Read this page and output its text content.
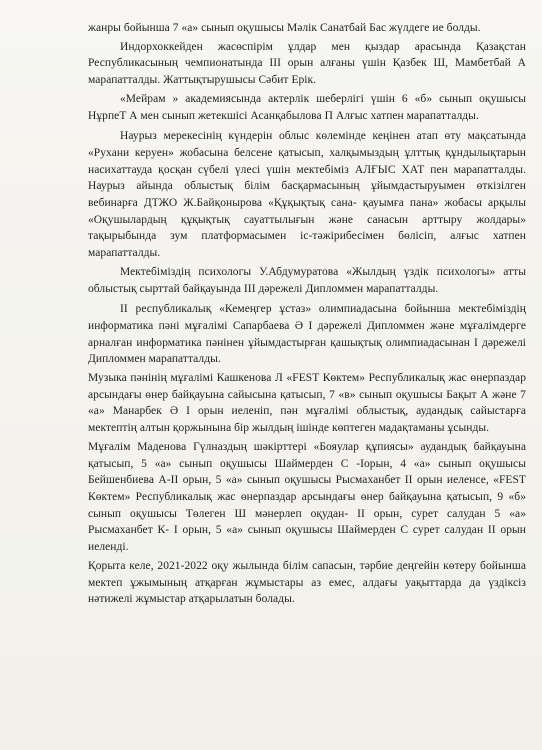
жанры бойынша 7 «а» сынып оқушысы Мәлік Санатбай Бас жүлдеге ие болды.

Индорхоккейден жасөспірім ұлдар мен қыздар арасында Қазақстан Республикасының чемпионатында ІІІ орын алғаны үшін Қазбек Ш, Мамбетбай А марапатталды. Жаттықтырушысы Сәбит Ерік.

«Мейрам » академиясында актерлік шеберлігі үшін 6 «б» сынып оқушысы НұрпеT А мен сынып жетекшісі Асанқабылова П Алғыс хатпен марапатталды.

Наурыз мерекесінің күндерін облыс көлемінде кеңінен атап өту мақсатында «Рухани керуен» жобасына белсене қатысып, халқымыздың ұлттық құндылықтарын насихаттауда қосқан сүбелі үлесі үшін мектебіміз АЛҒЫС ХАТ пен марапатталды. Наурыз айында облыстық білім басқармасының ұйымдастыруымен өткізілген вебинарға ДТЖО Ж.Байқонырова «Құқықтық сана- қауымға пана» жобасы арқылы «Оқушылардың құқықтық сауаттылығын және санасын арттыру жолдары» тақырыбында зум платформасымен іс-тәжірибесімен бөлісіп, алғыс хатпен марапатталды.

Мектебіміздің психологы У.Абдумуратова «Жылдың үздік психологы» атты облыстық сырттай байқауында ІІІ дәрежелі Дипломмен марапатталды.

ІІ республикалық «Кемеңгер ұстаз» олимпиадасына бойынша мектебіміздің информатика пәні мұғалімі Сапарбаева Ә І дәрежелі Дипломмен және мұғалімдерге арналған информатика пәнінен ұйымдастырған қашықтық олимпиадасынан І дәрежелі Дипломмен марапатталды.

Музыка пәнінің мұғалімі Кашкенова Л «FEST Көктем» Республикалық жас өнерпаздар арсындағы өнер байқауына сайысына қатысып, 7 «в» сынып оқушысы Бақыт А және 7 «а» Манарбек Ә І орын иеленіп, пән мұғалімі облыстық, аудандық сайыстарға мектептің алтын қоржынына бір жылдың ішінде көптеген мадақтаманы ұсынды.

Мұғалім Маденова Гүлназдың шәкірттері «Бояулар құпиясы» аудандық байқауына қатысып, 5 «а» сынып оқушысы Шаймерден С -Іорын, 4 «а» сынып оқушысы Бейшенбиева А-ІІ орын, 5 «а» сынып оқушысы Рысмаханбет ІІ орын иеленсе, «FEST Көктем» Республикалық жас өнерпаздар арсындағы өнер байқауына қатысып, 9 «б» сынып оқушысы Төлеген Ш мәнерлеп оқудан- ІІ орын, сурет салудан 5 «а» Рысмаханбет К- І орын, 5 «а» сынып оқушысы Шаймерден С сурет салудан ІІ орын иеленді.

Қорыта келе, 2021-2022 оқу жылында білім сапасын, тәрбие деңгейін көтеру бойынша мектеп ұжымының атқарған жұмыстары аз емес, алдағы уақыттарда да үздіксіз нәтижелі жұмыстар атқарылатын болады.
